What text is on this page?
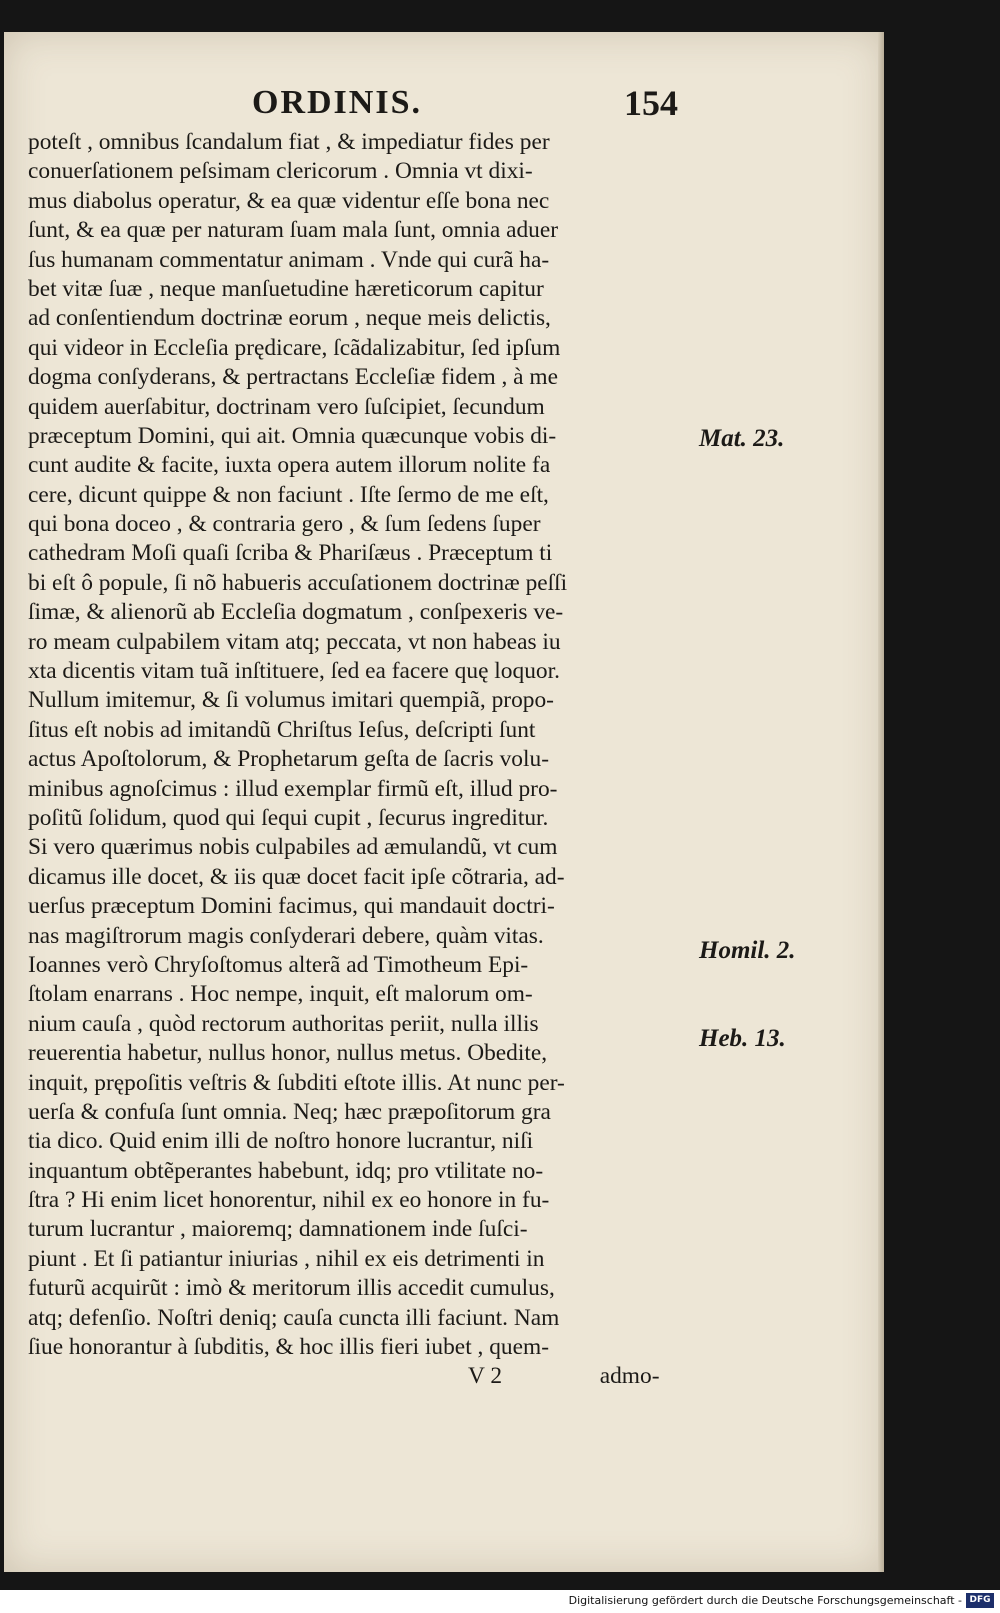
ORDINIS.	154
poteſt , omnibus ſcandalum fiat , & impediatur fides per
conuerſationem peſsimam clericorum . Omnia vt dixi-
mus diabolus operatur, & ea quæ videntur eſſe bona nec
ſunt, & ea quæ per naturam ſuam mala ſunt, omnia aduer
ſus humanam commentatur animam . Vnde qui curã ha-
bet vitæ ſuæ , neque manſuetudine hæreticorum capitur
ad conſentiendum doctrinæ eorum , neque meis delictis,
qui videor in Eccleſia prędicare, ſcãdalizabitur, ſed ipſum
dogma conſyderans, & pertractans Eccleſiæ fidem , à me
quidem auerſabitur, doctrinam vero ſuſcipiet, ſecundum
præceptum Domini, qui ait. Omnia quæcunque vobis di-
cunt audite & facite, iuxta opera autem illorum nolite fa
cere, dicunt quippe & non faciunt . Iſte ſermo de me eſt,
qui bona doceo , & contraria gero , & ſum ſedens ſuper
cathedram Moſi quaſi ſcriba & Phariſæus . Præceptum ti
bi eſt ô popule, ſi nõ habueris accuſationem doctrinæ peſſi
ſimæ, & alienorũ ab Eccleſia dogmatum , conſpexeris ve-
ro meam culpabilem vitam atq; peccata, vt non habeas iu
xta dicentis vitam tuã inſtituere, ſed ea facere quę loquor.
Nullum imitemur, & ſi volumus imitari quempiã, propo-
ſitus eſt nobis ad imitandũ Chriſtus Ieſus, deſcripti ſunt
actus Apoſtolorum, & Prophetarum geſta de ſacris volu-
minibus agnoſcimus : illud exemplar firmũ eſt, illud pro-
poſitũ ſolidum, quod qui ſequi cupit , ſecurus ingreditur.
Si vero quærimus nobis culpabiles ad æmulandũ, vt cum
dicamus ille docet, & iis quæ docet facit ipſe cõtraria, ad-
uerſus præceptum Domini facimus, qui mandauit doctri-
nas magiſtrorum magis conſyderari debere, quàm vitas.
Ioannes verò Chryſoſtomus alterã ad Timotheum Epi-
ſtolam enarrans . Hoc nempe, inquit, eſt malorum om-
nium cauſa , quòd rectorum authoritas periit, nulla illis
reuerentia habetur, nullus honor, nullus metus. Obedite,
inquit, prępoſitis veſtris & ſubditi eſtote illis. At nunc per-
uerſa & confuſa ſunt omnia. Neq; hæc præpoſitorum gra
tia dico. Quid enim illi de noſtro honore lucrantur, niſi
inquantum obtẽperantes habebunt, idq; pro vtilitate no-
ſtra ? Hi enim licet honorentur, nihil ex eo honore in fu-
turum lucrantur , maioremq; damnationem inde ſuſci-
piunt . Et ſi patiantur iniurias , nihil ex eis detrimenti in
futurũ acquirũt : imò & meritorum illis accedit cumulus,
atq; defenſio. Noſtri deniq; cauſa cuncta illi faciunt. Nam
ſiue honorantur à ſubditis, & hoc illis fieri iubet , quem-
V 2	admo-
Mat. 23.
Homil. 2.
Heb. 13.
Digitalisierung gefördert durch die Deutsche Forschungsgemeinschaft - DFG
